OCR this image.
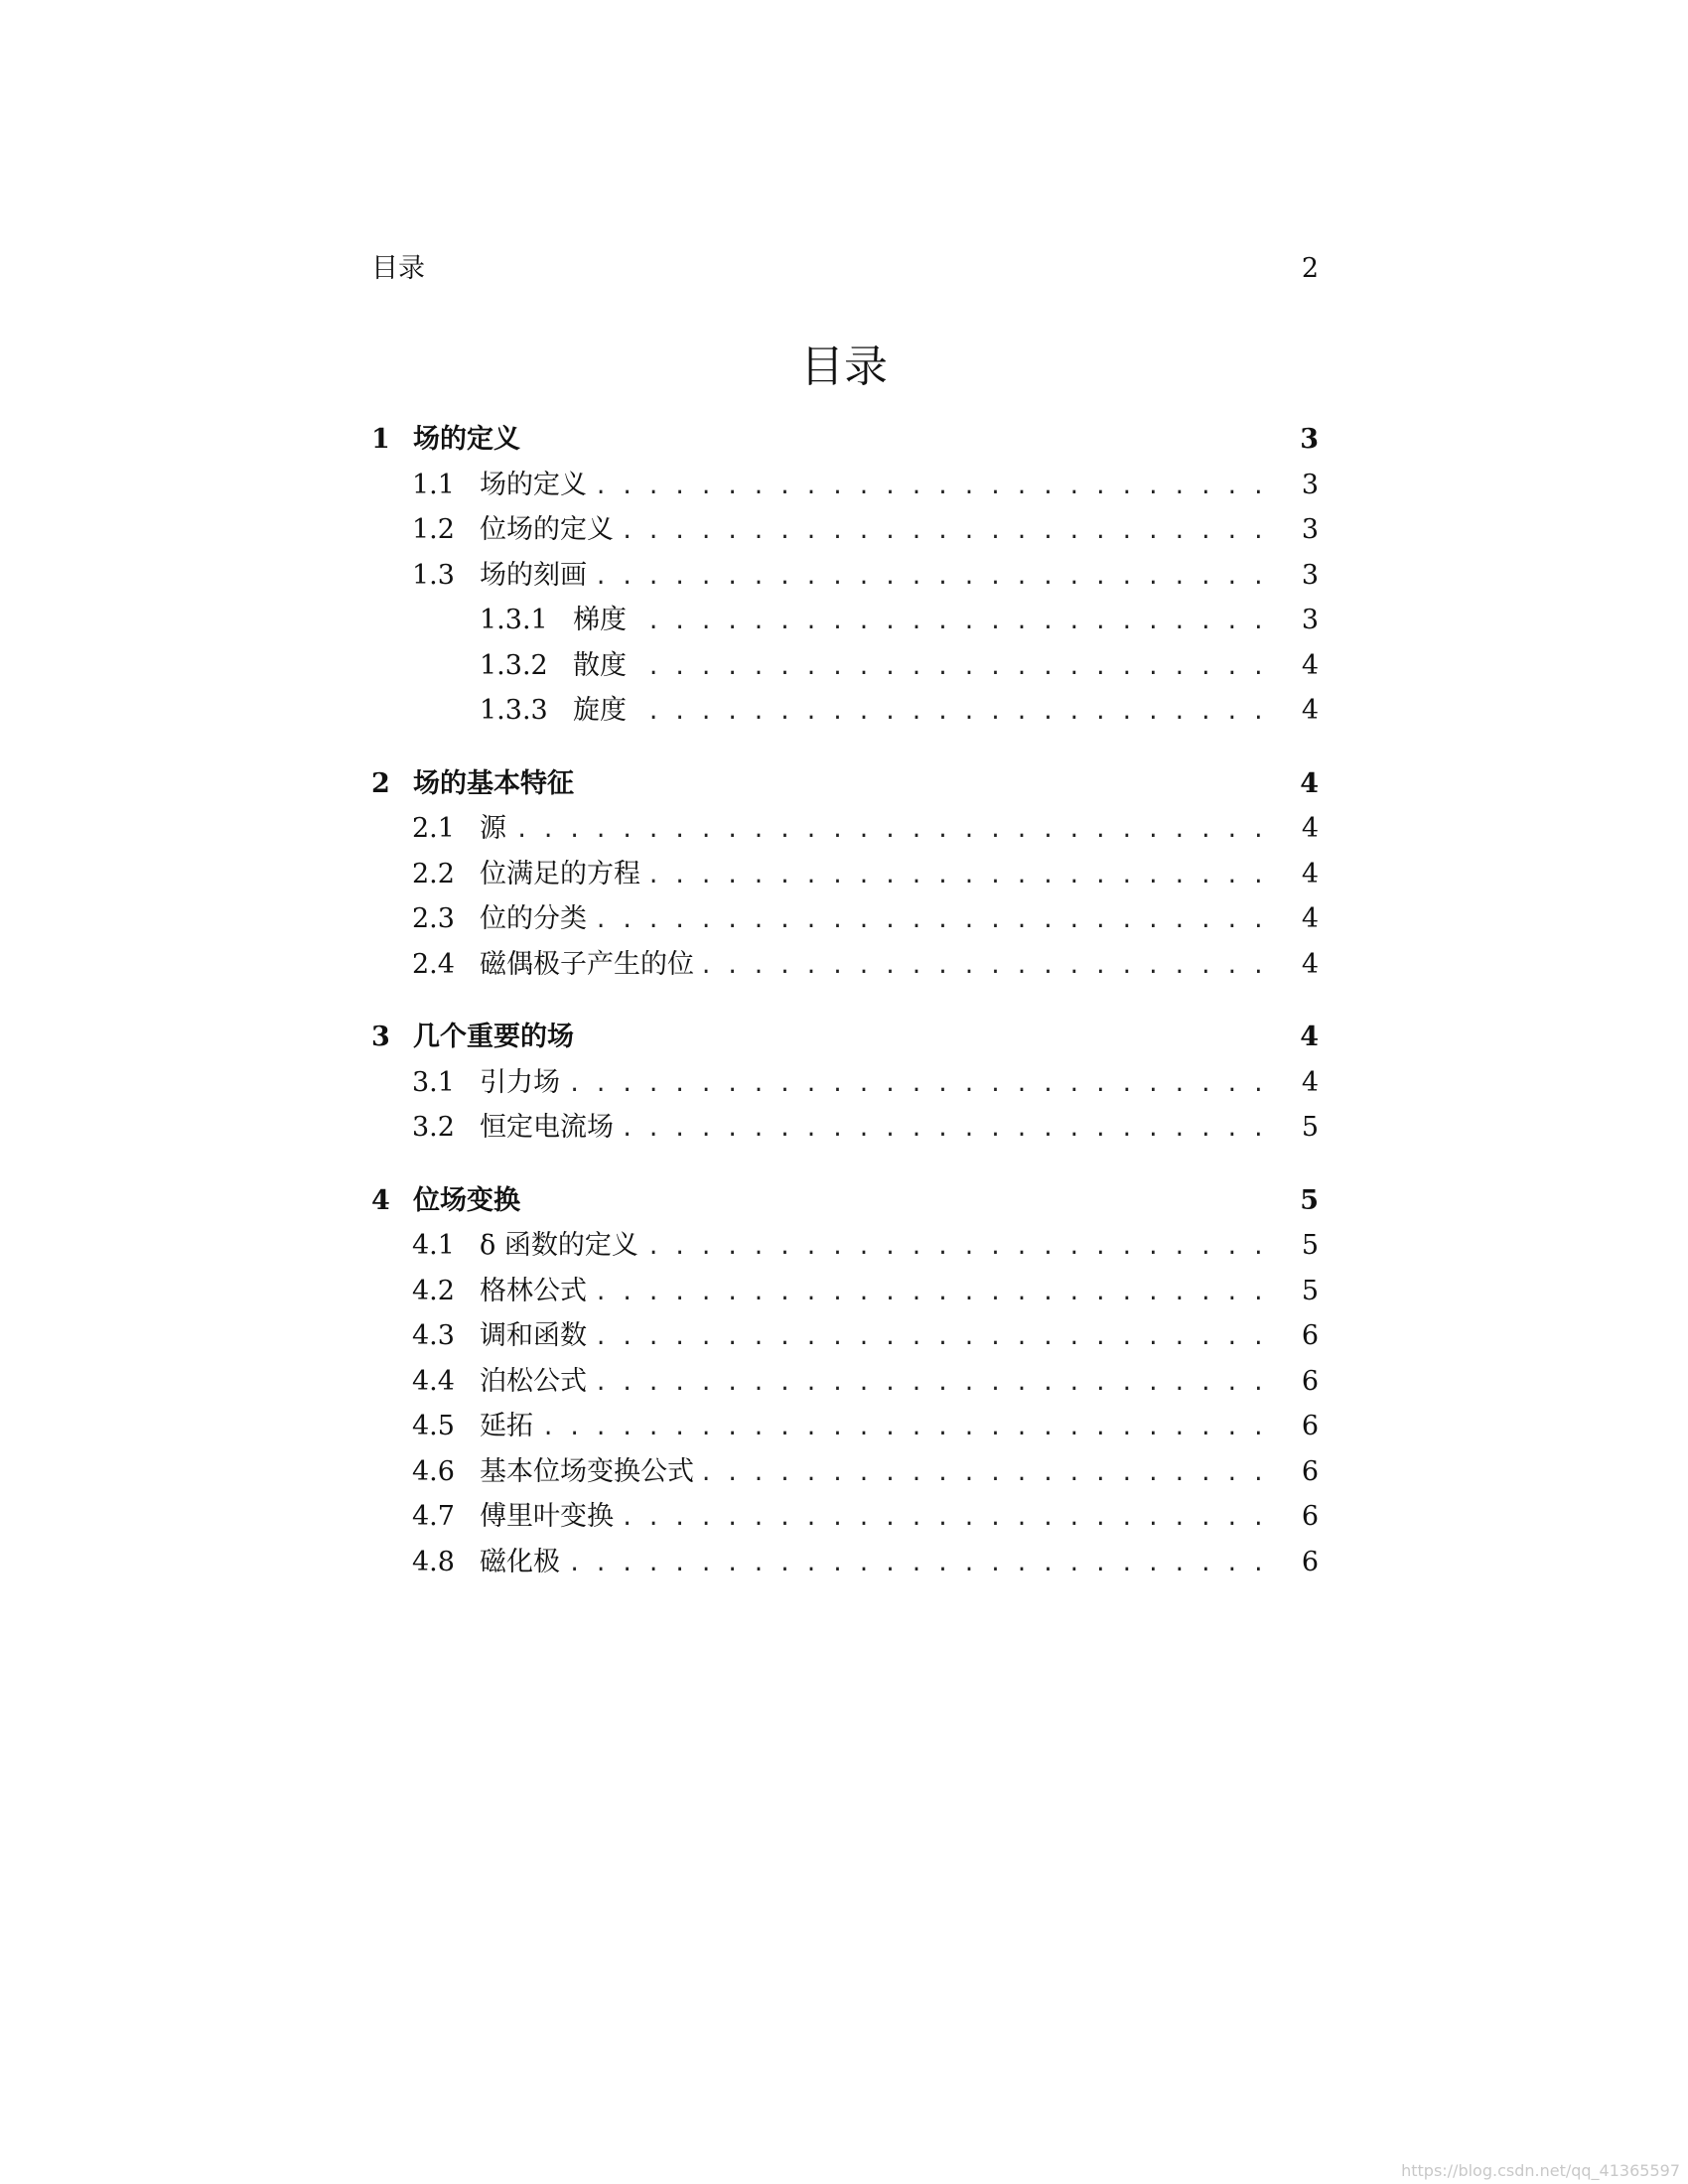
目录	2
目录
1 场的定义	3
1.1 场的定义 . . .	3
1.2 位场的定义 . . .	3
1.3 场的刻画 . . .	3
1.3.1 梯度 . . .	3
1.3.2 散度 . . .	4
1.3.3 旋度 . . .	4
2 场的基本特征	4
2.1 源 . . .	4
2.2 位满足的方程 . . .	4
2.3 位的分类 . . .	4
2.4 磁偶极子产生的位 . . .	4
3 几个重要的场	4
3.1 引力场 . . .	4
3.2 恒定电流场 . . .	5
4 位场变换	5
4.1 δ 函数的定义 . . .	5
4.2 格林公式 . . .	5
4.3 调和函数 . . .	6
4.4 泊松公式 . . .	6
4.5 延拓 . . .	6
4.6 基本位场变换公式 . . .	6
4.7 傅里叶变换 . . .	6
4.8 磁化极 . . .	6
https://blog.csdn.net/qq_41365597
